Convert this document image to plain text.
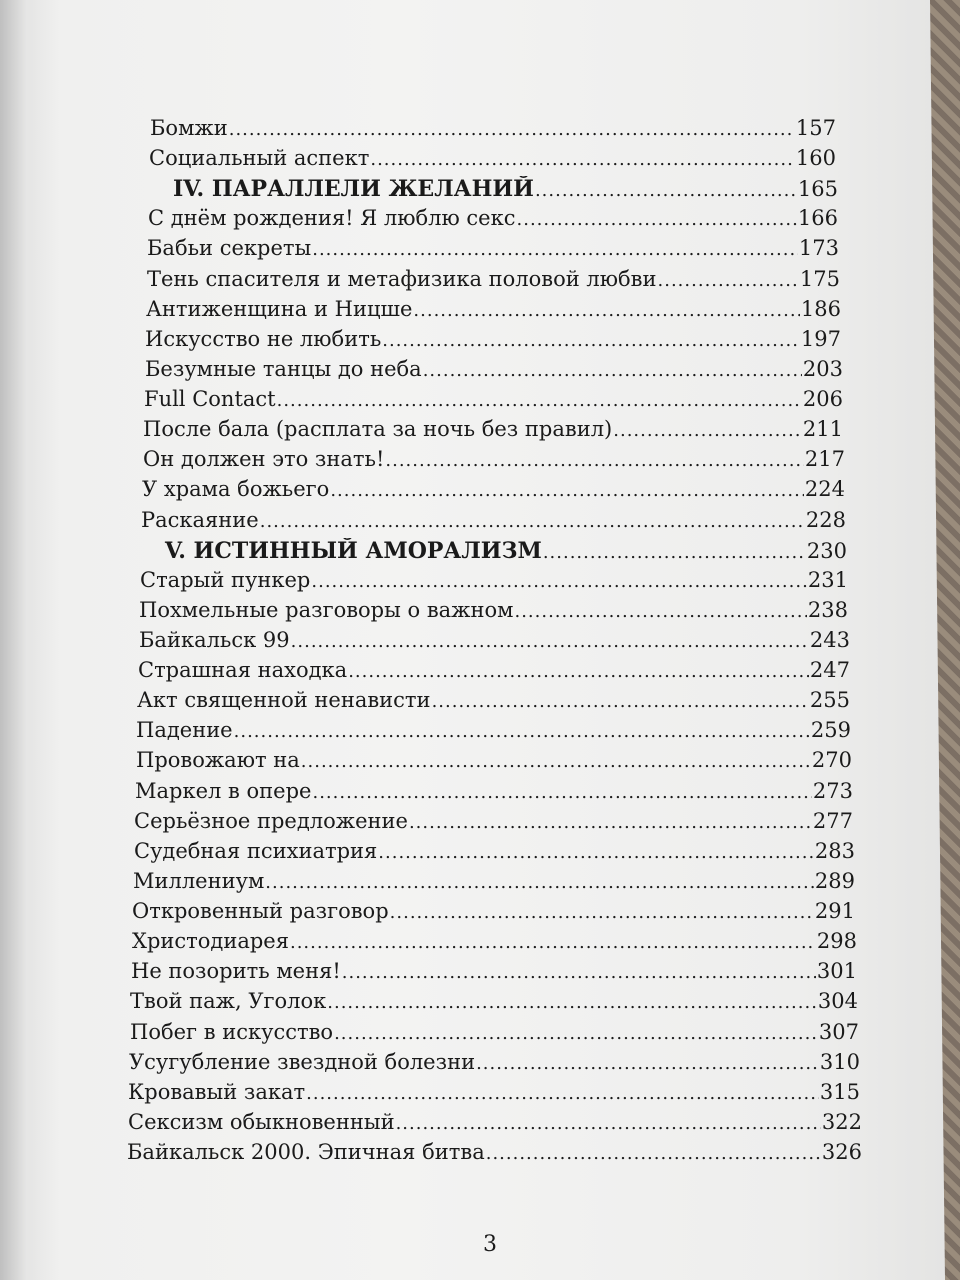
Бомжи .....	157
Социальный аспект .....	160
IV. ПАРАЛЛЕЛИ ЖЕЛАНИЙ .....	165
С днём рождения! Я люблю секс .....	166
Бабьи секреты .....	173
Тень спасителя и метафизика половой любви .....	175
Антиженщина и Ницше .....	186
Искусство не любить .....	197
Безумные танцы до неба .....	203
Full Contact .....	206
После бала (расплата за ночь без правил) .....	211
Он должен это знать! .....	217
У храма божьего .....	224
Раскаяние .....	228
V. ИСТИННЫЙ АМОРАЛИЗМ .....	230
Старый пункер .....	231
Похмельные разговоры о важном .....	238
Байкальск 99 .....	243
Страшная находка .....	247
Акт священной ненависти .....	255
Падение .....	259
Провожают на .....	270
Маркел в опере .....	273
Серьёзное предложение .....	277
Судебная психиатрия .....	283
Миллениум .....	289
Откровенный разговор .....	291
Христодиарея .....	298
Не позорить меня! .....	301
Твой паж, Уголок .....	304
Побег в искусство .....	307
Усугубление звездной болезни .....	310
Кровавый закат .....	315
Сексизм обыкновенный .....	322
Байкальск 2000. Эпичная битва .....	326
3
